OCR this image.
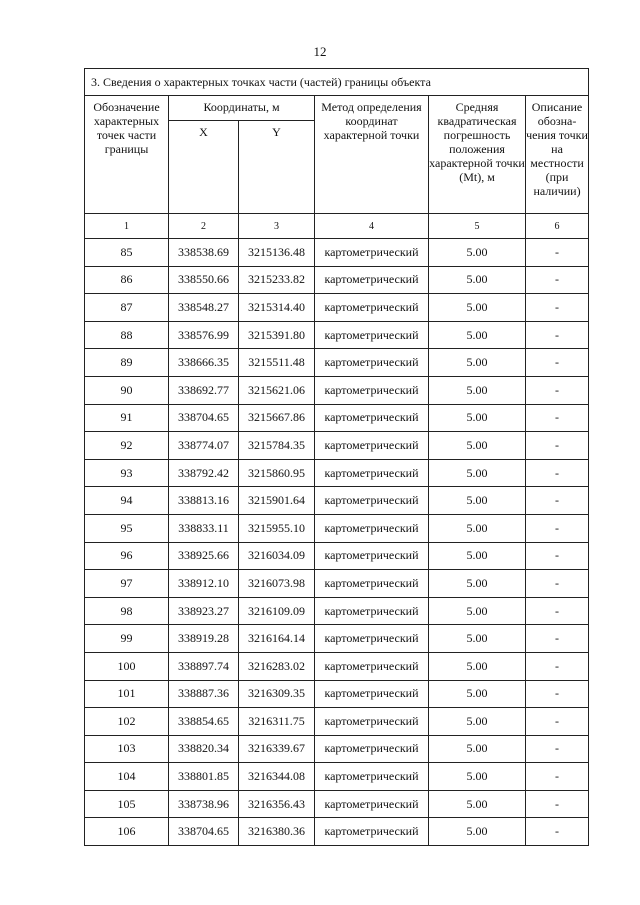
12
3. Сведения о характерных точках части (частей) границы объекта					
Обозначение характерных точек части границы	Координаты, м		Метод определения координат характерной точки	Средняя квадратическая погрешность положения характерной точки (Mt), м	Описание обозна-чения точки на местности (при наличии)
	X	Y			
1	2	3	4	5	6
85	338538.69	3215136.48	картометрический	5.00	-
86	338550.66	3215233.82	картометрический	5.00	-
87	338548.27	3215314.40	картометрический	5.00	-
88	338576.99	3215391.80	картометрический	5.00	-
89	338666.35	3215511.48	картометрический	5.00	-
90	338692.77	3215621.06	картометрический	5.00	-
91	338704.65	3215667.86	картометрический	5.00	-
92	338774.07	3215784.35	картометрический	5.00	-
93	338792.42	3215860.95	картометрический	5.00	-
94	338813.16	3215901.64	картометрический	5.00	-
95	338833.11	3215955.10	картометрический	5.00	-
96	338925.66	3216034.09	картометрический	5.00	-
97	338912.10	3216073.98	картометрический	5.00	-
98	338923.27	3216109.09	картометрический	5.00	-
99	338919.28	3216164.14	картометрический	5.00	-
100	338897.74	3216283.02	картометрический	5.00	-
101	338887.36	3216309.35	картометрический	5.00	-
102	338854.65	3216311.75	картометрический	5.00	-
103	338820.34	3216339.67	картометрический	5.00	-
104	338801.85	3216344.08	картометрический	5.00	-
105	338738.96	3216356.43	картометрический	5.00	-
106	338704.65	3216380.36	картометрический	5.00	-
